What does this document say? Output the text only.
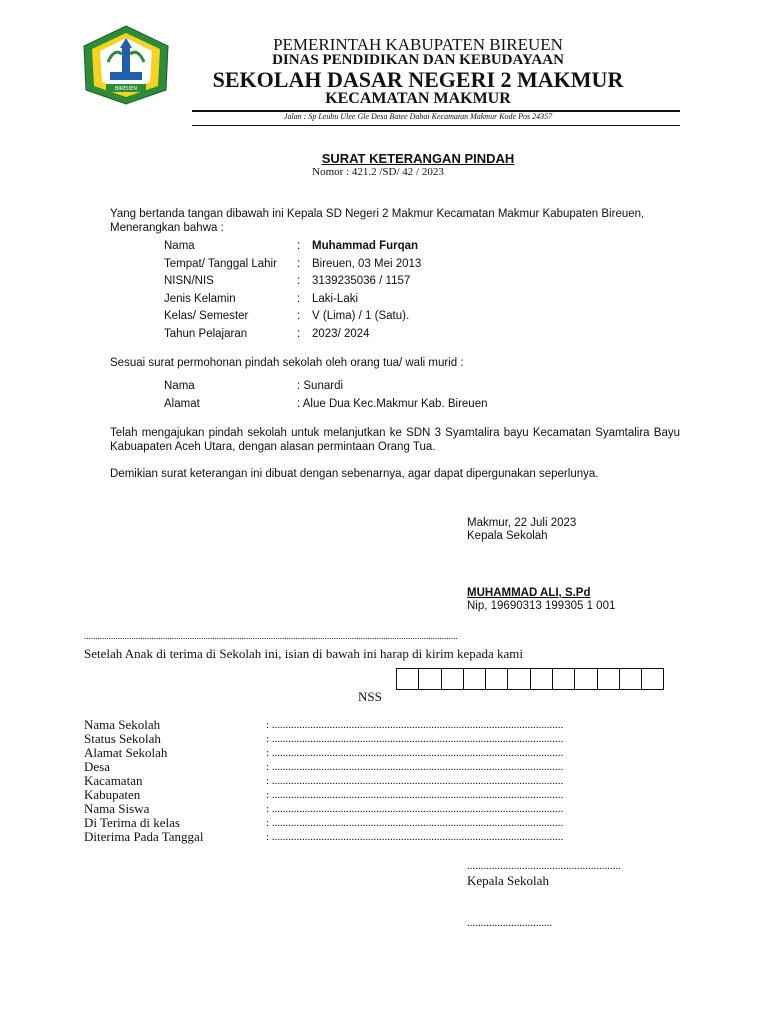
BIREUEN
PEMERINTAH KABUPATEN BIREUEN
DINAS PENDIDIKAN DAN KEBUDAYAAN
SEKOLAH DASAR NEGERI 2 MAKMUR
KECAMATAN MAKMUR
Jalan : Sp Leubu Ulee Gle Desa Batee Dabai Kecamatan Makmur Kode Pos 24357
SURAT KETERANGAN PINDAH
Nomor : 421.2 /SD/ 42 / 2023
Yang bertanda tangan dibawah ini Kepala SD Negeri 2 Makmur Kecamatan Makmur Kabupaten Bireuen, Menerangkan bahwa :
Nama	: Muhammad Furqan
Tempat/ Tanggal Lahir : Bireuen, 03 Mei 2013
NISN/NIS	: 3139235036 / 1157
Jenis Kelamin	: Laki-Laki
Kelas/ Semester	: V (Lima) / 1 (Satu).
Tahun Pelajaran	: 2023/ 2024
Sesuai surat permohonan pindah sekolah oleh orang tua/ wali murid :
Nama	: Sunardi
Alamat	: Alue Dua Kec.Makmur Kab. Bireuen
Telah mengajukan pindah sekolah untuk melanjutkan ke SDN 3 Syamtalira bayu Kecamatan Syamtalira Bayu Kabuapaten Aceh Utara, dengan alasan permintaan Orang Tua.
Demikian surat keterangan ini dibuat dengan sebenarnya, agar dapat dipergunakan seperlunya.
Makmur, 22 Juli 2023
Kepala Sekolah
MUHAMMAD ALI, S.Pd
Nip, 19690313 199305 1 001
......................................................................................................................................................................
Setelah Anak di terima di Sekolah ini, isian di bawah ini harap di kirim kepada kami
NSS
Nama Sekolah	: ..........................................................................................................
Status Sekolah	: ..........................................................................................................
Alamat Sekolah	: ..........................................................................................................
Desa	: ..........................................................................................................
Kacamatan	: ..........................................................................................................
Kabupaten	: ..........................................................................................................
Nama Siswa	: ..........................................................................................................
Di Terima di kelas	: ..........................................................................................................
Diterima Pada Tanggal	: ..........................................................................................................
........................................................
Kepala Sekolah
...............................
